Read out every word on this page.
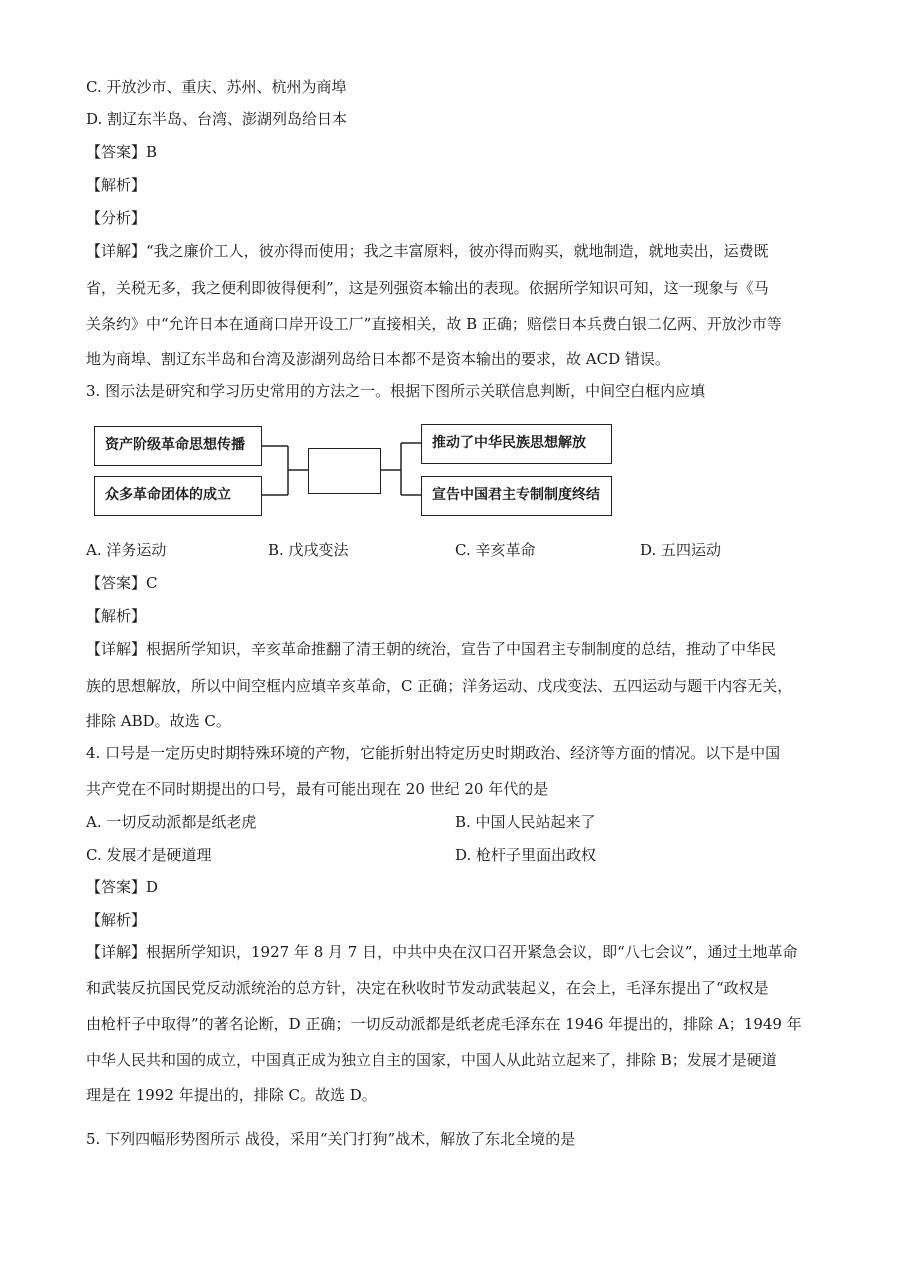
C. 开放沙市、重庆、苏州、杭州为商埠
D. 割辽东半岛、台湾、澎湖列岛给日本
【答案】B
【解析】
【分析】
【详解】“我之廉价工人，彼亦得而使用；我之丰富原料，彼亦得而购买，就地制造，就地卖出，运费既
省，关税无多，我之便利即彼得便利”，这是列强资本输出的表现。依据所学知识可知，这一现象与《马
关条约》中“允许日本在通商口岸开设工厂”直接相关，故 B 正确；赔偿日本兵费白银二亿两、开放沙市等
地为商埠、割辽东半岛和台湾及澎湖列岛给日本都不是资本输出的要求，故 ACD 错误。
3. 图示法是研究和学习历史常用的方法之一。根据下图所示关联信息判断，中间空白框内应填
资产阶级革命思想传播
众多革命团体的成立
推动了中华民族思想解放
宣告中国君主专制制度终结
A. 洋务运动	B. 戊戌变法	C. 辛亥革命	D. 五四运动
【答案】C
【解析】
【详解】根据所学知识，辛亥革命推翻了清王朝的统治，宣告了中国君主专制制度的总结，推动了中华民
族的思想解放，所以中间空框内应填辛亥革命，C 正确；洋务运动、戊戌变法、五四运动与题干内容无关，
排除 ABD。故选 C。
4. 口号是一定历史时期特殊环境的产物，它能折射出特定历史时期政治、经济等方面的情况。以下是中国
共产党在不同时期提出的口号，最有可能出现在 20 世纪 20 年代的是
A. 一切反动派都是纸老虎	B. 中国人民站起来了
C. 发展才是硬道理	D. 枪杆子里面出政权
【答案】D
【解析】
【详解】根据所学知识，1927 年 8 月 7 日，中共中央在汉口召开紧急会议，即“八七会议”，通过土地革命
和武装反抗国民党反动派统治的总方针，决定在秋收时节发动武装起义，在会上，毛泽东提出了“政权是
由枪杆子中取得”的著名论断，D 正确；一切反动派都是纸老虎毛泽东在 1946 年提出的，排除 A；1949 年
中华人民共和国的成立，中国真正成为独立自主的国家，中国人从此站立起来了，排除 B；发展才是硬道
理是在 1992 年提出的，排除 C。故选 D。
5. 下列四幅形势图所示 战役，采用“关门打狗”战术，解放了东北全境的是
